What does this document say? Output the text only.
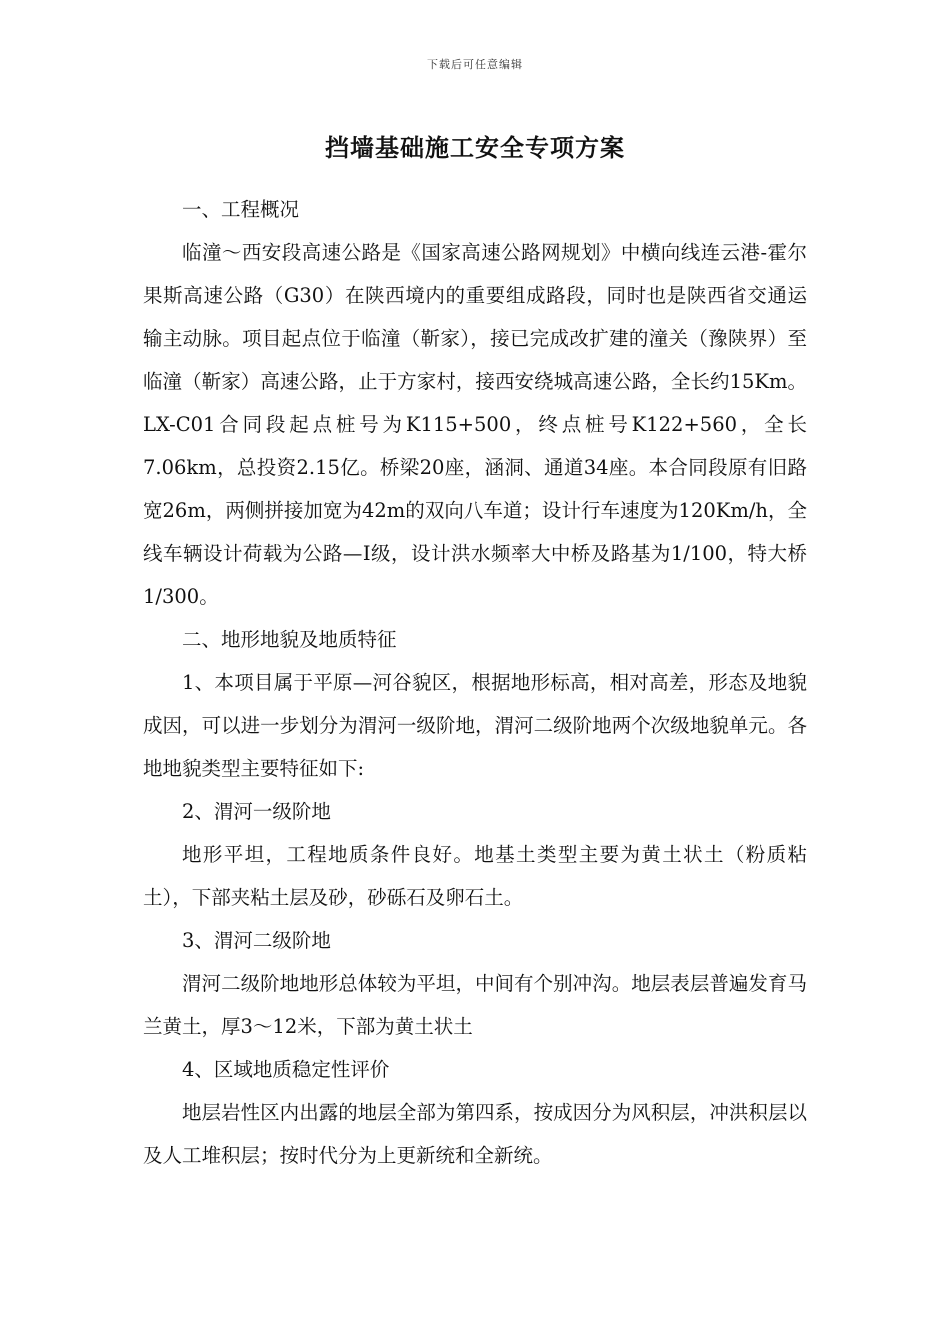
下载后可任意编辑
挡墙基础施工安全专项方案

一、工程概况

临潼～西安段高速公路是《国家高速公路网规划》中横向线连云港-霍尔果斯高速公路（G30）在陕西境内的重要组成路段，同时也是陕西省交通运输主动脉。项目起点位于临潼（靳家），接已完成改扩建的潼关（豫陕界）至临潼（靳家）高速公路，止于方家村，接西安绕城高速公路，全长约15Km。 LX-C01合同段起点桩号为K115+500，终点桩号K122+560，全长7.06km，总投资2.15亿。桥梁20座，涵洞、通道34座。本合同段原有旧路宽26m，两侧拼接加宽为42m的双向八车道；设计行车速度为120Km/h，全线车辆设计荷载为公路—Ⅰ级，设计洪水频率大中桥及路基为1/100，特大桥1/300。

二、地形地貌及地质特征

1、本项目属于平原—河谷貌区，根据地形标高，相对高差，形态及地貌成因，可以进一步划分为渭河一级阶地，渭河二级阶地两个次级地貌单元。各地地貌类型主要特征如下:

2、渭河一级阶地

地形平坦，工程地质条件良好。地基土类型主要为黄土状土（粉质粘土），下部夹粘土层及砂，砂砾石及卵石土。

3、渭河二级阶地

渭河二级阶地地形总体较为平坦，中间有个别冲沟。地层表层普遍发育马兰黄土，厚3～12米，下部为黄土状土

4、区域地质稳定性评价

地层岩性区内出露的地层全部为第四系，按成因分为风积层，冲洪积层以及人工堆积层；按时代分为上更新统和全新统。
